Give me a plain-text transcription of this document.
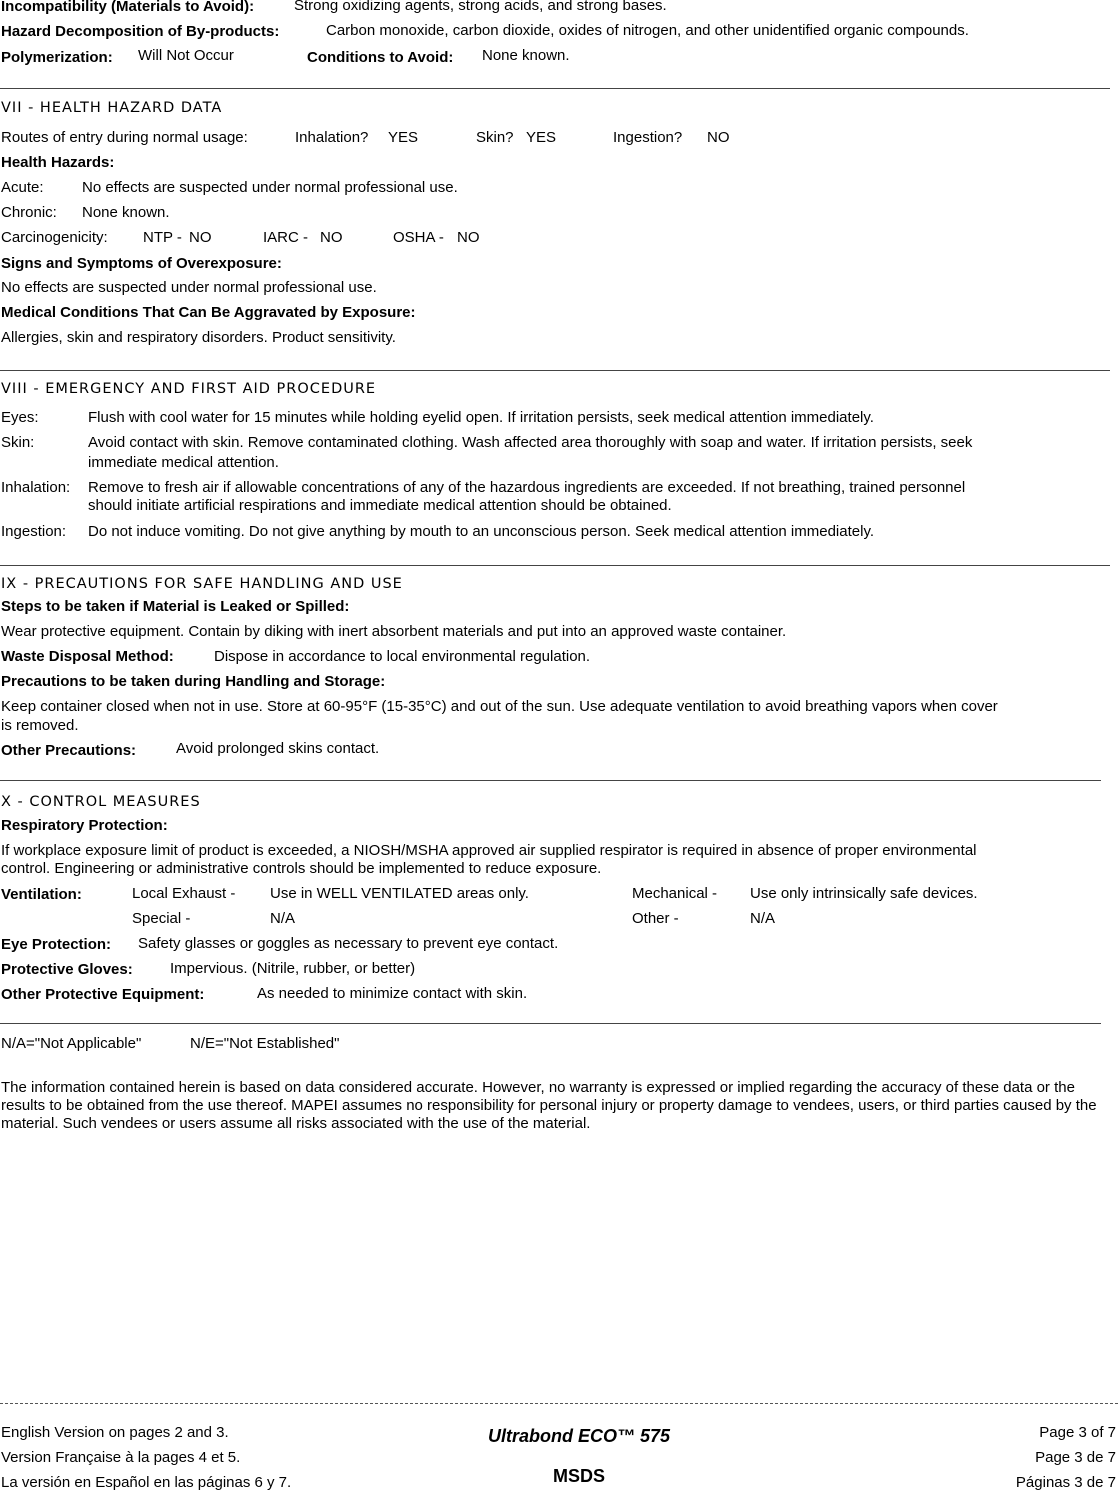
Incompatibility (Materials to Avoid):	Strong oxidizing agents, strong acids, and strong bases.
Hazard Decomposition of By-products:	Carbon monoxide, carbon dioxide, oxides of nitrogen, and other unidentified organic compounds.
Polymerization: Will Not Occur	Conditions to Avoid: None known.
VII - HEALTH HAZARD DATA
Routes of entry during normal usage:	Inhalation? YES	Skin? YES	Ingestion? NO
Health Hazards:
Acute:	No effects are suspected under normal professional use.
Chronic: None known.
Carcinogenicity: NTP - NO	IARC - NO	OSHA - NO
Signs and Symptoms of Overexposure:
No effects are suspected under normal professional use.
Medical Conditions That Can Be Aggravated by Exposure:
Allergies, skin and respiratory disorders. Product sensitivity.
VIII - EMERGENCY AND FIRST AID PROCEDURE
Eyes:	Flush with cool water for 15 minutes while holding eyelid open. If irritation persists, seek medical attention immediately.
Skin:	Avoid contact with skin. Remove contaminated clothing. Wash affected area thoroughly with soap and water. If irritation persists, seek
immediate medical attention.
Inhalation: Remove to fresh air if allowable concentrations of any of the hazardous ingredients are exceeded. If not breathing, trained personnel
should initiate artificial respirations and immediate medical attention should be obtained.
Ingestion: Do not induce vomiting. Do not give anything by mouth to an unconscious person. Seek medical attention immediately.
IX - PRECAUTIONS FOR SAFE HANDLING AND USE
Steps to be taken if Material is Leaked or Spilled:
Wear protective equipment. Contain by diking with inert absorbent materials and put into an approved waste container.
Waste Disposal Method:	Dispose in accordance to local environmental regulation.
Precautions to be taken during Handling and Storage:
Keep container closed when not in use. Store at 60-95°F (15-35°C) and out of the sun. Use adequate ventilation to avoid breathing vapors when cover
is removed.
Other Precautions:	Avoid prolonged skins contact.
X - CONTROL MEASURES
Respiratory Protection:
If workplace exposure limit of product is exceeded, a NIOSH/MSHA approved air supplied respirator is required in absence of proper environmental
control. Engineering or administrative controls should be implemented to reduce exposure.
Ventilation:	Local Exhaust - Use in WELL VENTILATED areas only.	Mechanical - Use only intrinsically safe devices.
Special -	N/A	Other -	N/A
Eye Protection: Safety glasses or goggles as necessary to prevent eye contact.
Protective Gloves: Impervious. (Nitrile, rubber, or better)
Other Protective Equipment:	As needed to minimize contact with skin.
N/A="Not Applicable"	N/E="Not Established"
The information contained herein is based on data considered accurate. However, no warranty is expressed or implied regarding the accuracy of these data or the results to be obtained from the use thereof. MAPEI assumes no responsibility for personal injury or property damage to vendees, users, or third parties caused by the material. Such vendees or users assume all risks associated with the use of the material.
English Version on pages 2 and 3.
Version Française à la pages 4 et 5.
La versión en Español en las páginas 6 y 7.
Ultrabond ECO™ 575
MSDS
Page 3 of 7
Page 3 de 7
Páginas 3 de 7
